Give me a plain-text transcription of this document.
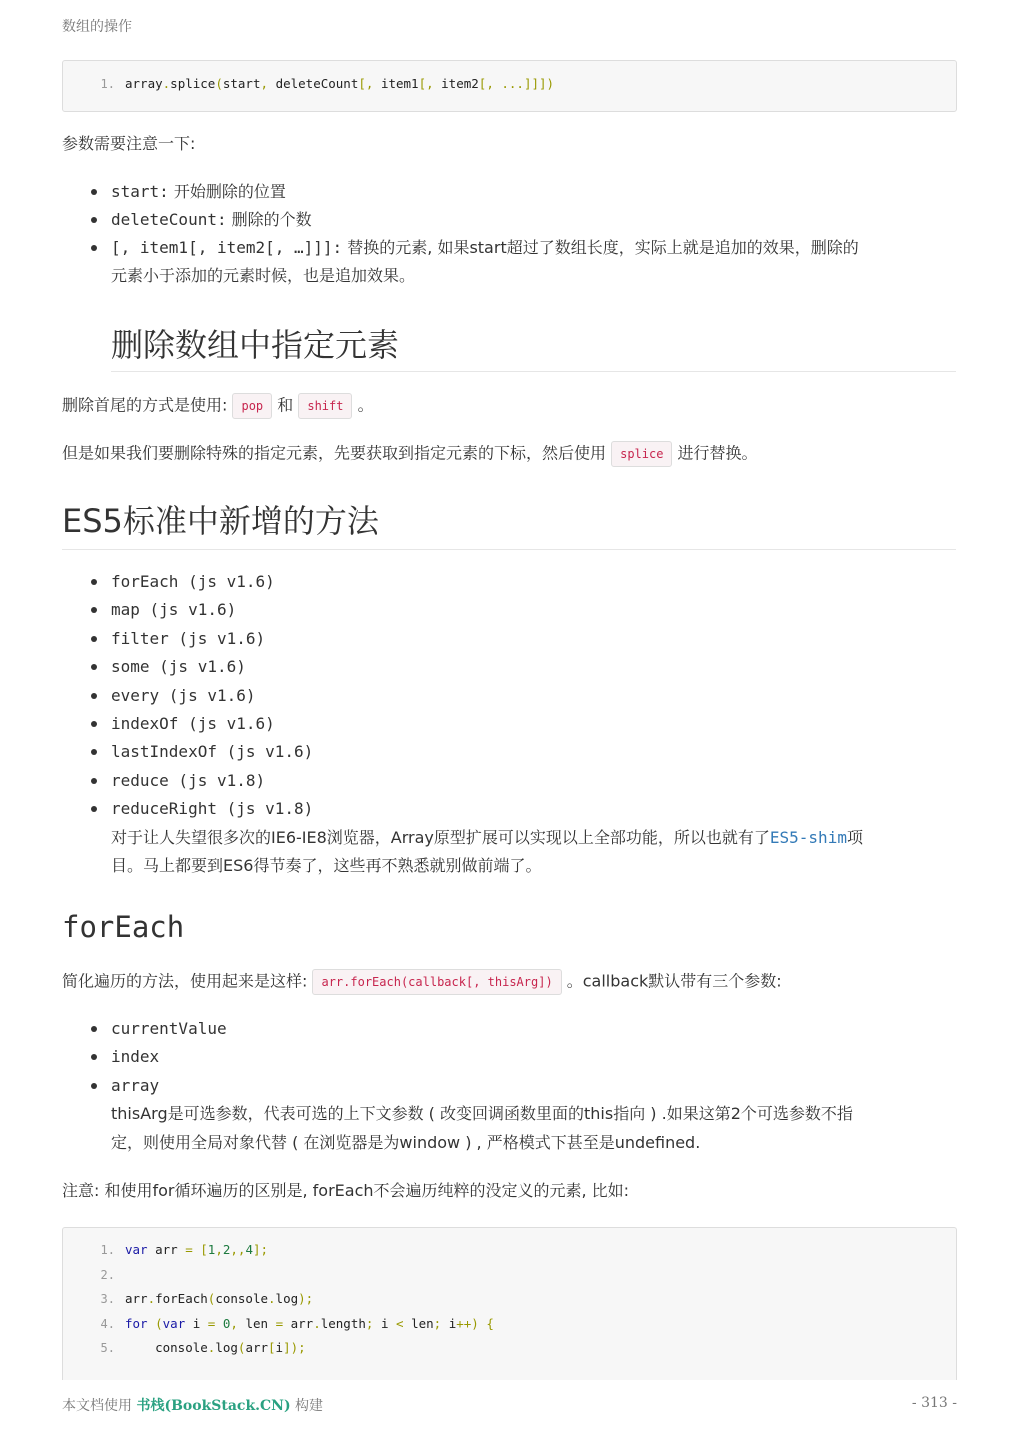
数组的操作
1. array.splice(start, deleteCount[, item1[, item2[, ...]]])
参数需要注意一下:
start: 开始删除的位置
deleteCount: 删除的个数
[, item1[, item2[, …]]]: 替换的元素, 如果start超过了数组长度，实际上就是追加的效果，删除的
元素小于添加的元素时候，也是追加效果。
删除数组中指定元素
删除首尾的方式是使用: pop 和 shift 。
但是如果我们要删除特殊的指定元素，先要获取到指定元素的下标，然后使用 splice 进行替换。
ES5标准中新增的方法
forEach (js v1.6)
map (js v1.6)
filter (js v1.6)
some (js v1.6)
every (js v1.6)
indexOf (js v1.6)
lastIndexOf (js v1.6)
reduce (js v1.8)
reduceRight (js v1.8)
对于让人失望很多次的IE6-IE8浏览器，Array原型扩展可以实现以上全部功能，所以也就有了ES5-shim项
目。马上都要到ES6得节奏了，这些再不熟悉就别做前端了。
forEach
简化遍历的方法，使用起来是这样: arr.forEach(callback[, thisArg]) 。callback默认带有三个参数:
currentValue
index
array
thisArg是可选参数，代表可选的上下文参数 ( 改变回调函数里面的this指向 ) .如果这第2个可选参数不指
定，则使用全局对象代替 ( 在浏览器是为window ) , 严格模式下甚至是undefined.
注意: 和使用for循环遍历的区别是, forEach不会遍历纯粹的没定义的元素, 比如:
1. var arr = [1,2,,4];
2.
3. arr.forEach(console.log);
4. for (var i = 0, len = arr.length; i < len; i++) {
5.    console.log(arr[i]);
本文档使用 书栈(BookStack.CN) 构建	- 313 -
